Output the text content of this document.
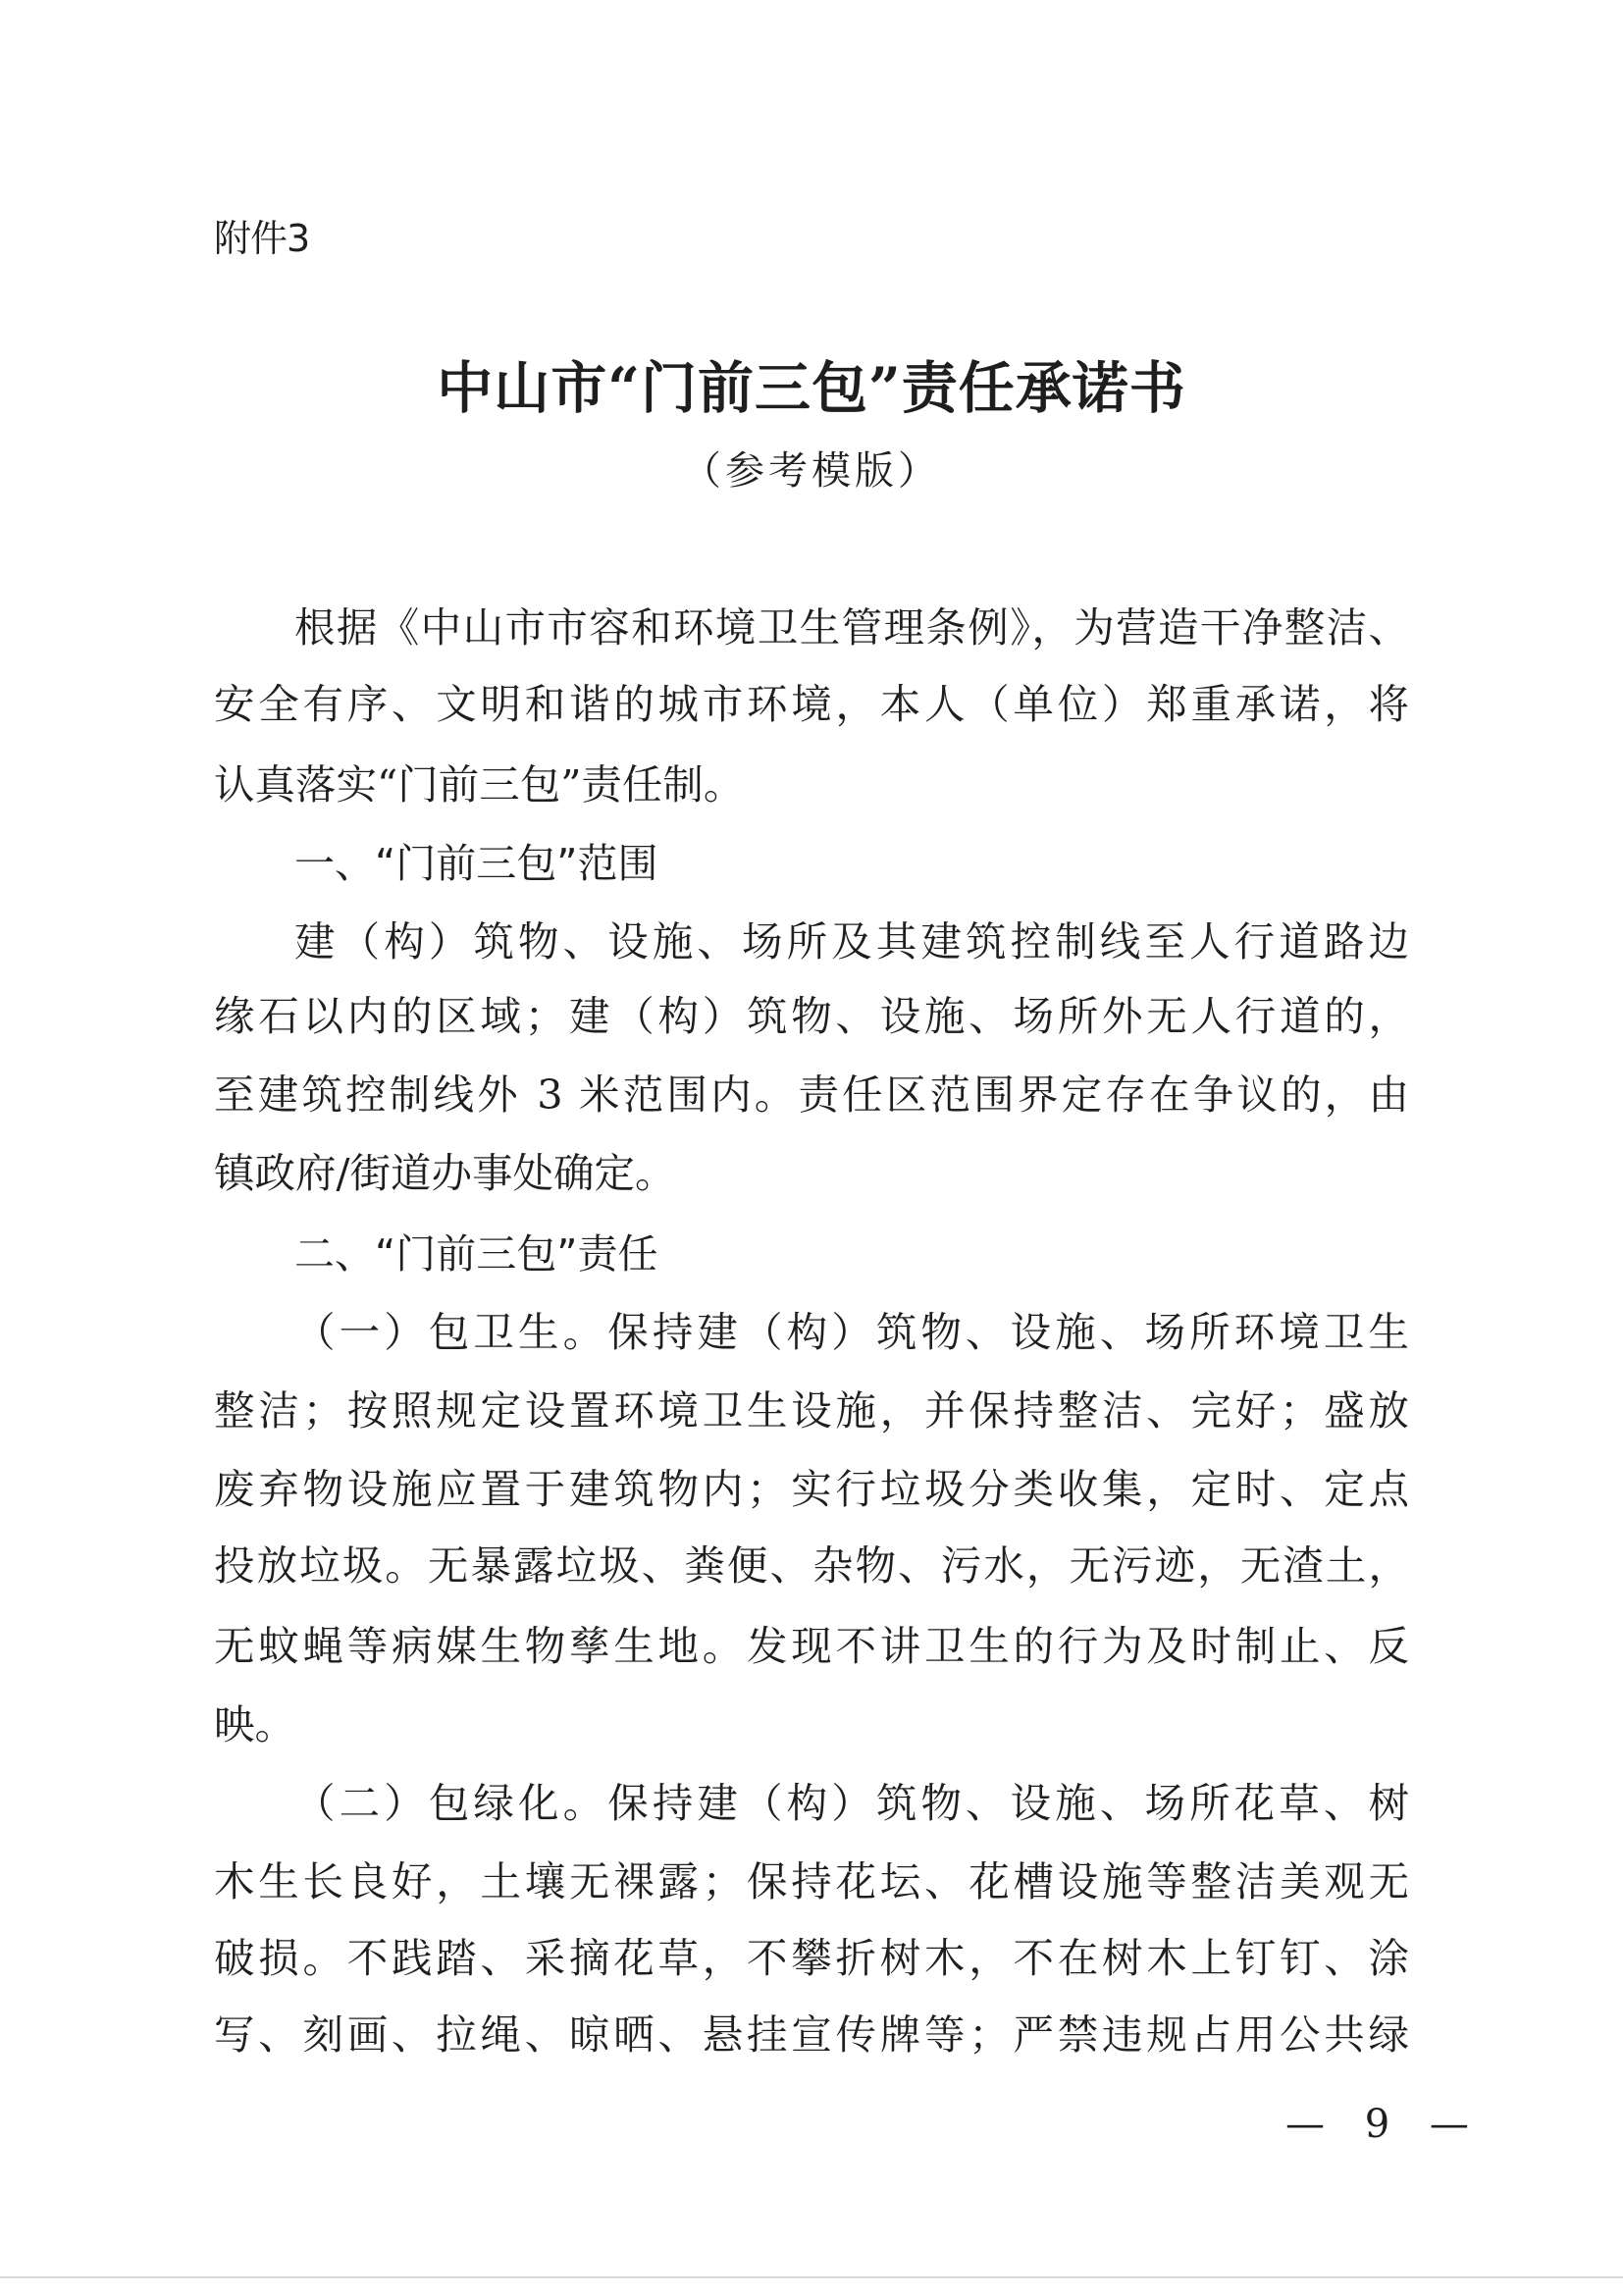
附件3
中山市“门前三包”责任承诺书
（参考模版）
根据《中山市市容和环境卫生管理条例》，为营造干净整洁、
安全有序、文明和谐的城市环境，本人（单位）郑重承诺，将
认真落实“门前三包”责任制。
一、“门前三包”范围
建（构）筑物、设施、场所及其建筑控制线至人行道路边
缘石以内的区域；建（构）筑物、设施、场所外无人行道的，
至建筑控制线外 3 米范围内。责任区范围界定存在争议的，由
镇政府/街道办事处确定。
二、“门前三包”责任
（一）包卫生。保持建（构）筑物、设施、场所环境卫生
整洁；按照规定设置环境卫生设施，并保持整洁、完好；盛放
废弃物设施应置于建筑物内；实行垃圾分类收集，定时、定点
投放垃圾。无暴露垃圾、粪便、杂物、污水，无污迹，无渣土，
无蚊蝇等病媒生物孳生地。发现不讲卫生的行为及时制止、反
映。
（二）包绿化。保持建（构）筑物、设施、场所花草、树
木生长良好，土壤无裸露；保持花坛、花槽设施等整洁美观无
破损。不践踏、采摘花草，不攀折树木，不在树木上钉钉、涂
写、刻画、拉绳、晾晒、悬挂宣传牌等；严禁违规占用公共绿
— 9 —
